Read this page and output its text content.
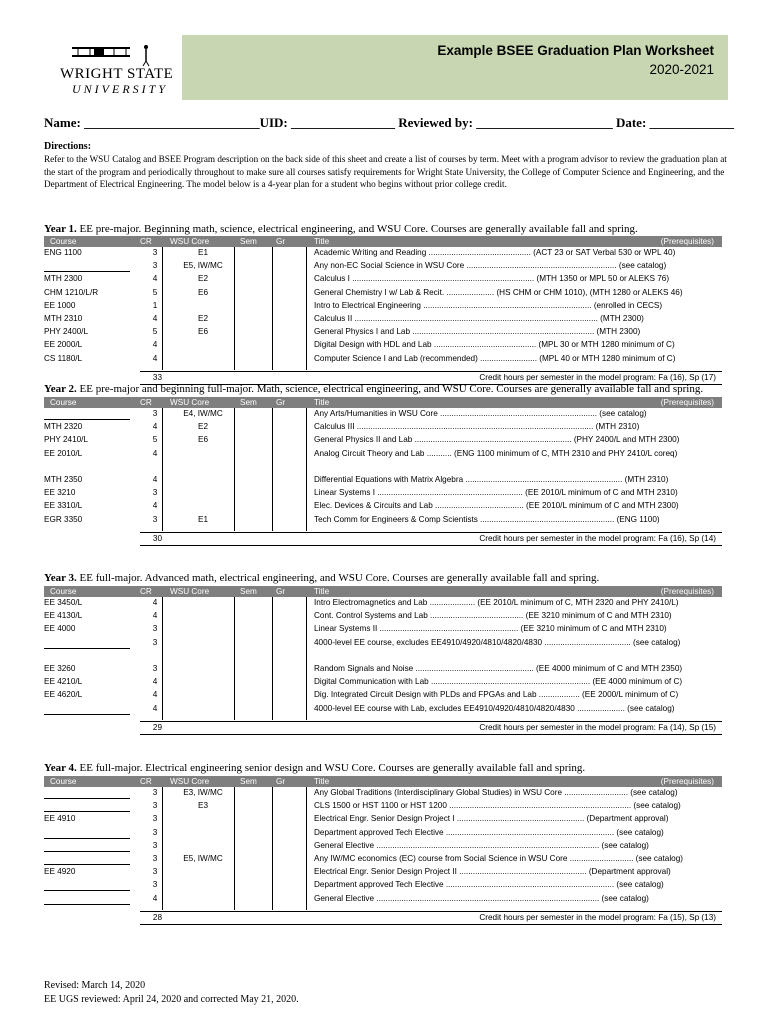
WRIGHT STATE
UNIVERSITY
Example BSEE Graduation Plan Worksheet
2020-2021
Name: ___________________________UID: ________________ Reviewed by: _____________________ Date: _____________
Directions:
Refer to the WSU Catalog and BSEE Program description on the back side of this sheet and create a list of courses by term. Meet with a program advisor to review the graduation plan at the start of the program and periodically throughout to make sure all courses satisfy requirements for Wright State University, the College of Computer Science and Engineering, and the Department of Electrical Engineering. The model below is a 4-year plan for a student who begins without prior college credit.
Year 1. EE pre-major. Beginning math, science, electrical engineering, and WSU Core. Courses are generally available fall and spring.
Course	CR WSU Core	Sem Gr	Title	(Prerequisites)
ENG 1100	3	E1	Academic Writing and Reading ............................................. (ACT 23 or SAT Verbal 530 or WPL 40)
3	E5, IW/MC	Any non-EC Social Science in WSU Core .................................................................. (see catalog)
MTH 2300	4	E2	Calculus I ................................................................................ (MTH 1350 or MPL 50 or ALEKS 76)
CHM 1210/L/R	5	E6	General Chemistry I w/ Lab & Recit. ..................... (HS CHM or CHM 1010), (MTH 1280 or ALEKS 46)
EE 1000	1	Intro to Electrical Engineering .......................................................................... (enrolled in CECS)
MTH 2310	4	E2	Calculus II ........................................................................................................... (MTH 2300)
PHY 2400/L	5	E6	General Physics I and Lab ................................................................................ (MTH 2300)
EE 2000/L	4	Digital Design with HDL and Lab ............................................. (MPL 30 or MTH 1280 minimum of C)
CS 1180/L	4	Computer Science I and Lab (recommended) ......................... (MPL 40 or MTH 1280 minimum of C)
33	Credit hours per semester in the model program: Fa (16), Sp (17)
Year 2. EE pre-major and beginning full-major. Math, science, electrical engineering, and WSU Core. Courses are generally available fall and spring.
Course	CR WSU Core	Sem Gr	Title	(Prerequisites)
3	E4, IW/MC	Any Arts/Humanities in WSU Core ..................................................................... (see catalog)
MTH 2320	4	E2	Calculus III ........................................................................................................ (MTH 2310)
PHY 2410/L	5	E6	General Physics II and Lab ..................................................................... (PHY 2400/L and MTH 2300)
EE 2010/L	4	Analog Circuit Theory and Lab ........... (ENG 1100 minimum of C, MTH 2310 and PHY 2410/L coreq)
MTH 2350	4	Differential Equations with Matrix Algebra ..................................................................... (MTH 2310)
EE 3210	3	Linear Systems I ................................................................ (EE 2010/L minimum of C and MTH 2310)
EE 3310/L	4	Elec. Devices & Circuits and Lab ....................................... (EE 2010/L minimum of C and MTH 2300)
EGR 3350	3	E1	Tech Comm for Engineers & Comp Scientists ........................................................... (ENG 1100)
30	Credit hours per semester in the model program: Fa (16), Sp (14)
Year 3. EE full-major. Advanced math, electrical engineering, and WSU Core. Courses are generally available fall and spring.
Course	CR WSU Core	Sem Gr	Title	(Prerequisites)
EE 3450/L	4	Intro Electromagnetics and Lab .................... (EE 2010/L minimum of C, MTH 2320 and PHY 2410/L)
EE 4130/L	4	Cont. Control Systems and Lab ......................................... (EE 3210 minimum of C and MTH 2310)
EE 4000	3	Linear Systems II ............................................................. (EE 3210 minimum of C and MTH 2310)
3	4000-level EE course, excludes EE4910/4920/4810/4820/4830 ...................................... (see catalog)
EE 3260	3	Random Signals and Noise .................................................... (EE 4000 minimum of C and MTH 2350)
EE 4210/L	4	Digital Communication with Lab ...................................................................... (EE 4000 minimum of C)
EE 4620/L	4	Dig. Integrated Circuit Design with PLDs and FPGAs and Lab .................. (EE 2000/L minimum of C)
4	4000-level EE course with Lab, excludes EE4910/4920/4810/4820/4830 ..................... (see catalog)
29	Credit hours per semester in the model program: Fa (14), Sp (15)
Year 4. EE full-major. Electrical engineering senior design and WSU Core. Courses are generally available fall and spring.
Course	CR WSU Core	Sem Gr	Title	(Prerequisites)
3	E3, IW/MC	Any Global Traditions (Interdisciplinary Global Studies) in WSU Core ............................ (see catalog)
3	E3	CLS 1500 or HST 1100 or HST 1200 ................................................................................ (see catalog)
EE 4910	3	Electrical Engr. Senior Design Project I ........................................................ (Department approval)
3	Department approved Tech Elective .......................................................................... (see catalog)
3	General Elective .................................................................................................. (see catalog)
3	E5, IW/MC	Any IW/MC economics (EC) course from Social Science in WSU Core ............................ (see catalog)
EE 4920	3	Electrical Engr. Senior Design Project II ........................................................ (Department approval)
3	Department approved Tech Elective .......................................................................... (see catalog)
4	General Elective .................................................................................................. (see catalog)
28	Credit hours per semester in the model program: Fa (15), Sp (13)
Revised: March 14, 2020
EE UGS reviewed: April 24, 2020 and corrected May 21, 2020.
